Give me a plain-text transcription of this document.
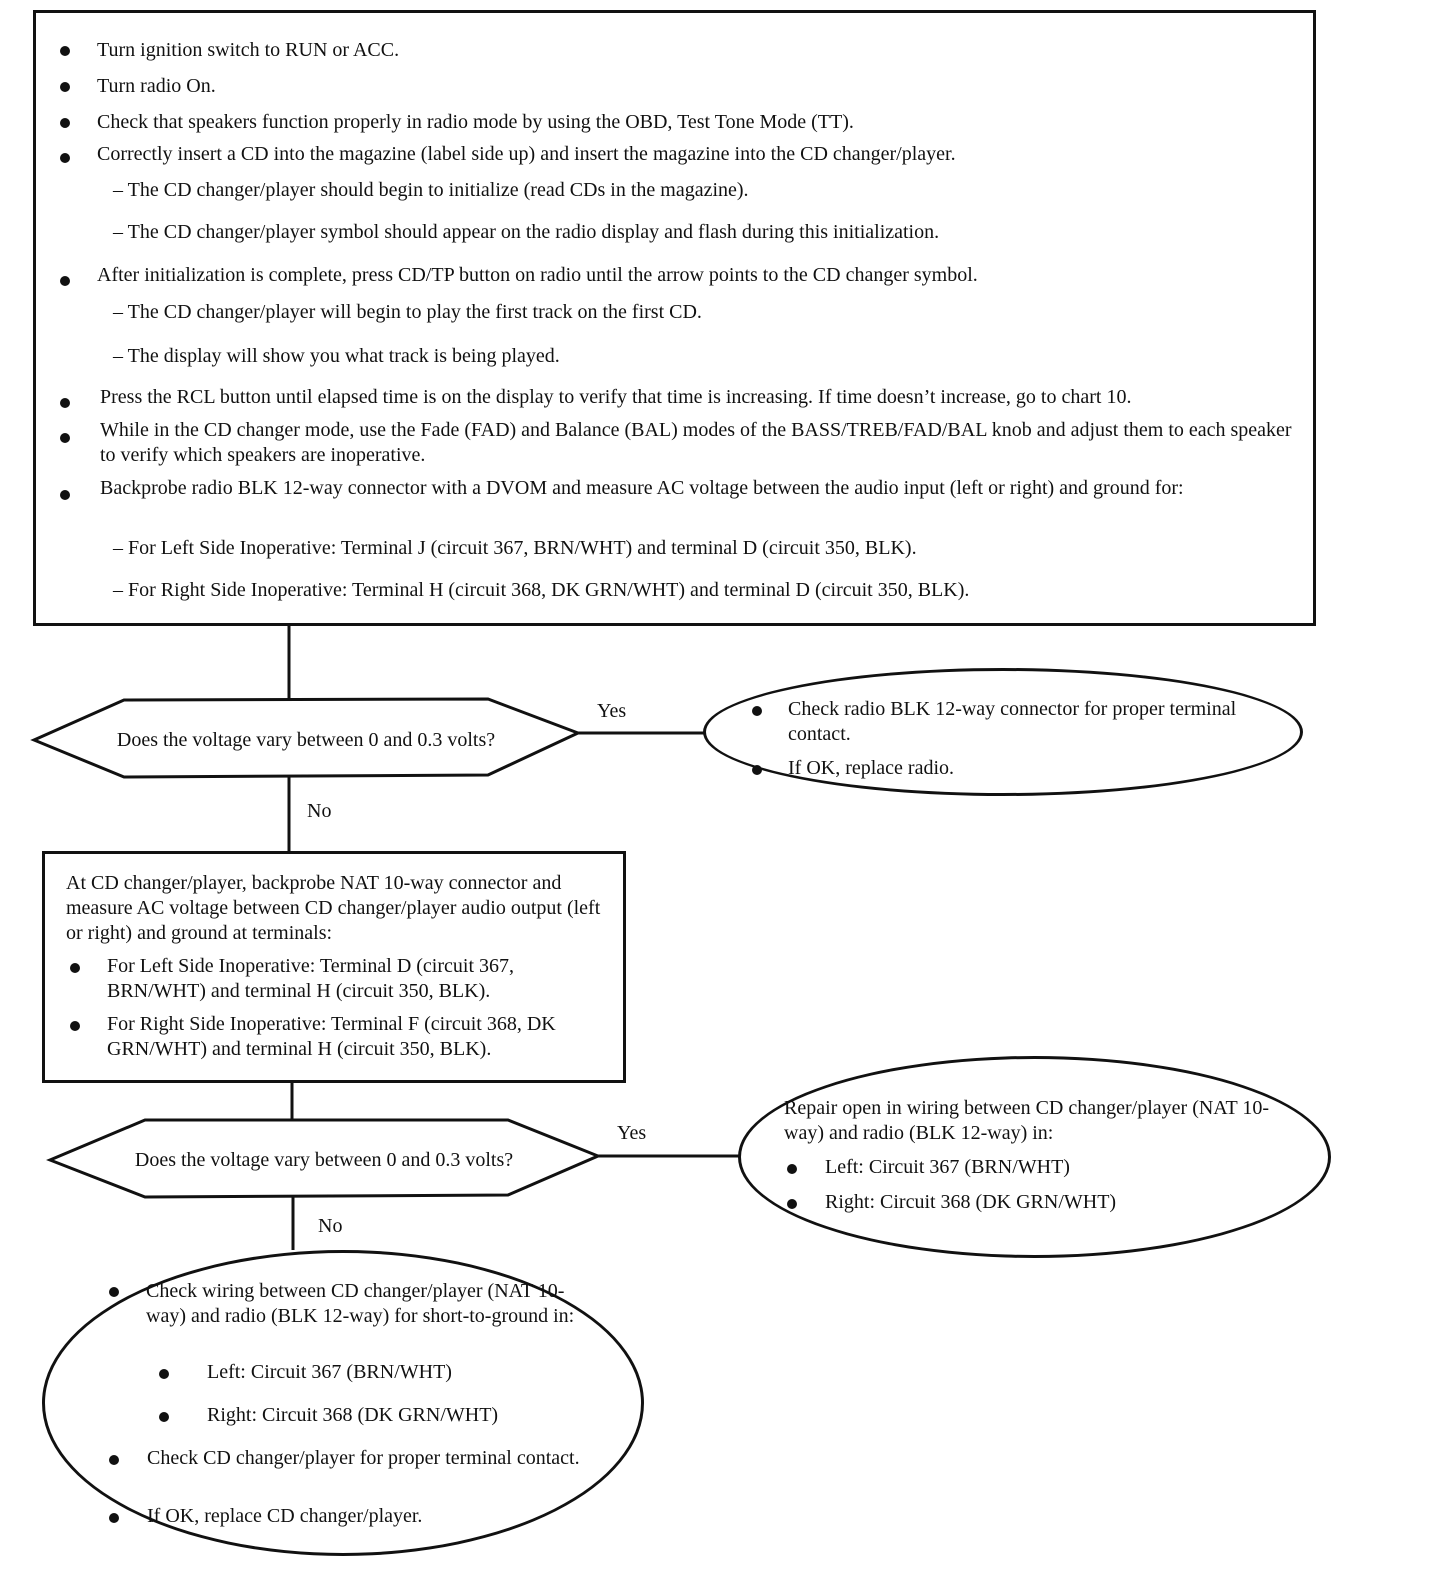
Turn ignition switch to RUN or ACC.

Turn radio On.

Check that speakers function properly in radio mode by using the OBD, Test Tone Mode (TT).

Correctly insert a CD into the magazine (label side up) and insert the magazine into the CD changer/player.

– The CD changer/player should begin to initialize (read CDs in the magazine).

– The CD changer/player symbol should appear on the radio display and flash during this initialization.

After initialization is complete, press CD/TP button on radio until the arrow points to the CD changer symbol.

– The CD changer/player will begin to play the first track on the first CD.

– The display will show you what track is being played.

Press the RCL button until elapsed time is on the display to verify that time is increasing. If time doesn’t increase, go to chart 10.

While in the CD changer mode, use the Fade (FAD) and Balance (BAL) modes of the BASS/TREB/FAD/BAL knob and adjust them to each speaker to verify which speakers are inoperative.

Backprobe radio BLK 12-way connector with a DVOM and measure AC voltage between the audio input (left or right) and ground for:

– For Left Side Inoperative: Terminal J (circuit 367, BRN/WHT) and terminal D (circuit 350, BLK).

– For Right Side Inoperative: Terminal H (circuit 368, DK GRN/WHT) and terminal D (circuit 350, BLK).

Does the voltage vary between 0 and 0.3 volts?

Yes

No

Check radio BLK 12-way connector for proper terminal contact.

If OK, replace radio.

At CD changer/player, backprobe NAT 10-way connector and measure AC voltage between CD changer/player audio output (left or right) and ground at terminals:

For Left Side Inoperative: Terminal D (circuit 367, BRN/WHT) and terminal H (circuit 350, BLK).

For Right Side Inoperative: Terminal F (circuit 368, DK GRN/WHT) and terminal H (circuit 350, BLK).

Does the voltage vary between 0 and 0.3 volts?

Yes

No

Repair open in wiring between CD changer/player (NAT 10-way) and radio (BLK 12-way) in:

Left: Circuit 367 (BRN/WHT)

Right: Circuit 368 (DK GRN/WHT)

Check wiring between CD changer/player (NAT 10-way) and radio (BLK 12-way) for short-to-ground in:

Left: Circuit 367 (BRN/WHT)

Right: Circuit 368 (DK GRN/WHT)

Check CD changer/player for proper terminal contact.

If OK, replace CD changer/player.
